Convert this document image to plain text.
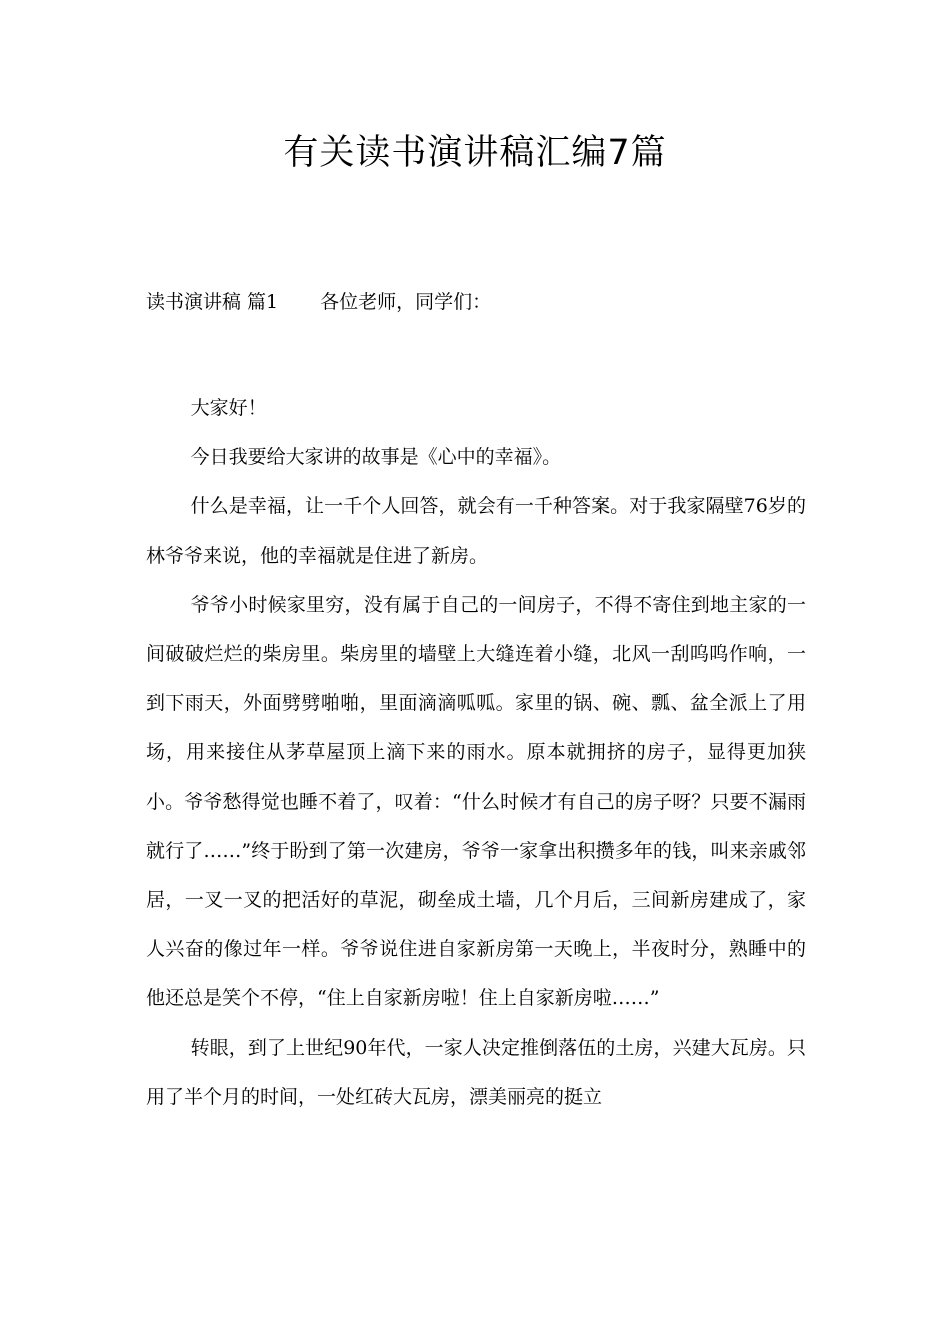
有关读书演讲稿汇编7篇
读书演讲稿 篇1 各位老师，同学们：

大家好！

今日我要给大家讲的故事是《心中的幸福》。

什么是幸福，让一千个人回答，就会有一千种答案。对于我家隔壁76岁的林爷爷来说，他的幸福就是住进了新房。

爷爷小时候家里穷，没有属于自己的一间房子，不得不寄住到地主家的一间破破烂烂的柴房里。柴房里的墙壁上大缝连着小缝，北风一刮呜呜作响，一到下雨天，外面劈劈啪啪，里面滴滴呱呱。家里的锅、碗、瓢、盆全派上了用场，用来接住从茅草屋顶上滴下来的雨水。原本就拥挤的房子，显得更加狭小。爷爷愁得觉也睡不着了，叹着：“什么时候才有自己的房子呀？只要不漏雨就行了……”终于盼到了第一次建房，爷爷一家拿出积攒多年的钱，叫来亲戚邻居，一叉一叉的把活好的草泥，砌垒成土墙，几个月后，三间新房建成了，家人兴奋的像过年一样。爷爷说住进自家新房第一天晚上，半夜时分，熟睡中的他还总是笑个不停，“住上自家新房啦！住上自家新房啦……”

转眼，到了上世纪90年代，一家人决定推倒落伍的土房，兴建大瓦房。只用了半个月的时间，一处红砖大瓦房，漂美丽亮的挺立
